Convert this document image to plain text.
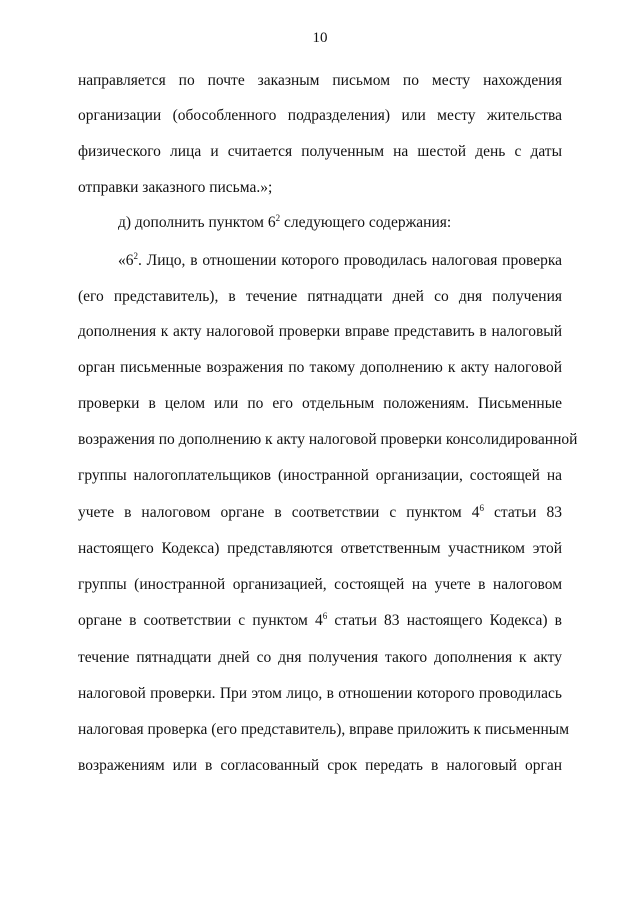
10
направляется по почте заказным письмом по месту нахождения
организации (обособленного подразделения) или месту жительства
физического лица и считается полученным на шестой день с даты
отправки заказного письма.»;
д) дополнить пунктом $6^2$ следующего содержания:
«$6^2$. Лицо, в отношении которого проводилась налоговая проверка
(его представитель), в течение пятнадцати дней со дня получения
дополнения к акту налоговой проверки вправе представить в налоговый
орган письменные возражения по такому дополнению к акту налоговой
проверки в целом или по его отдельным положениям. Письменные
возражения по дополнению к акту налоговой проверки консолидированной
группы налогоплательщиков (иностранной организации, состоящей на
учете в налоговом органе в соответствии с пунктом $4^6$ статьи 83
настоящего Кодекса) представляются ответственным участником этой
группы (иностранной организацией, состоящей на учете в налоговом
органе в соответствии с пунктом $4^6$ статьи 83 настоящего Кодекса) в
течение пятнадцати дней со дня получения такого дополнения к акту
налоговой проверки. При этом лицо, в отношении которого проводилась
налоговая проверка (его представитель), вправе приложить к письменным
возражениям или в согласованный срок передать в налоговый орган
